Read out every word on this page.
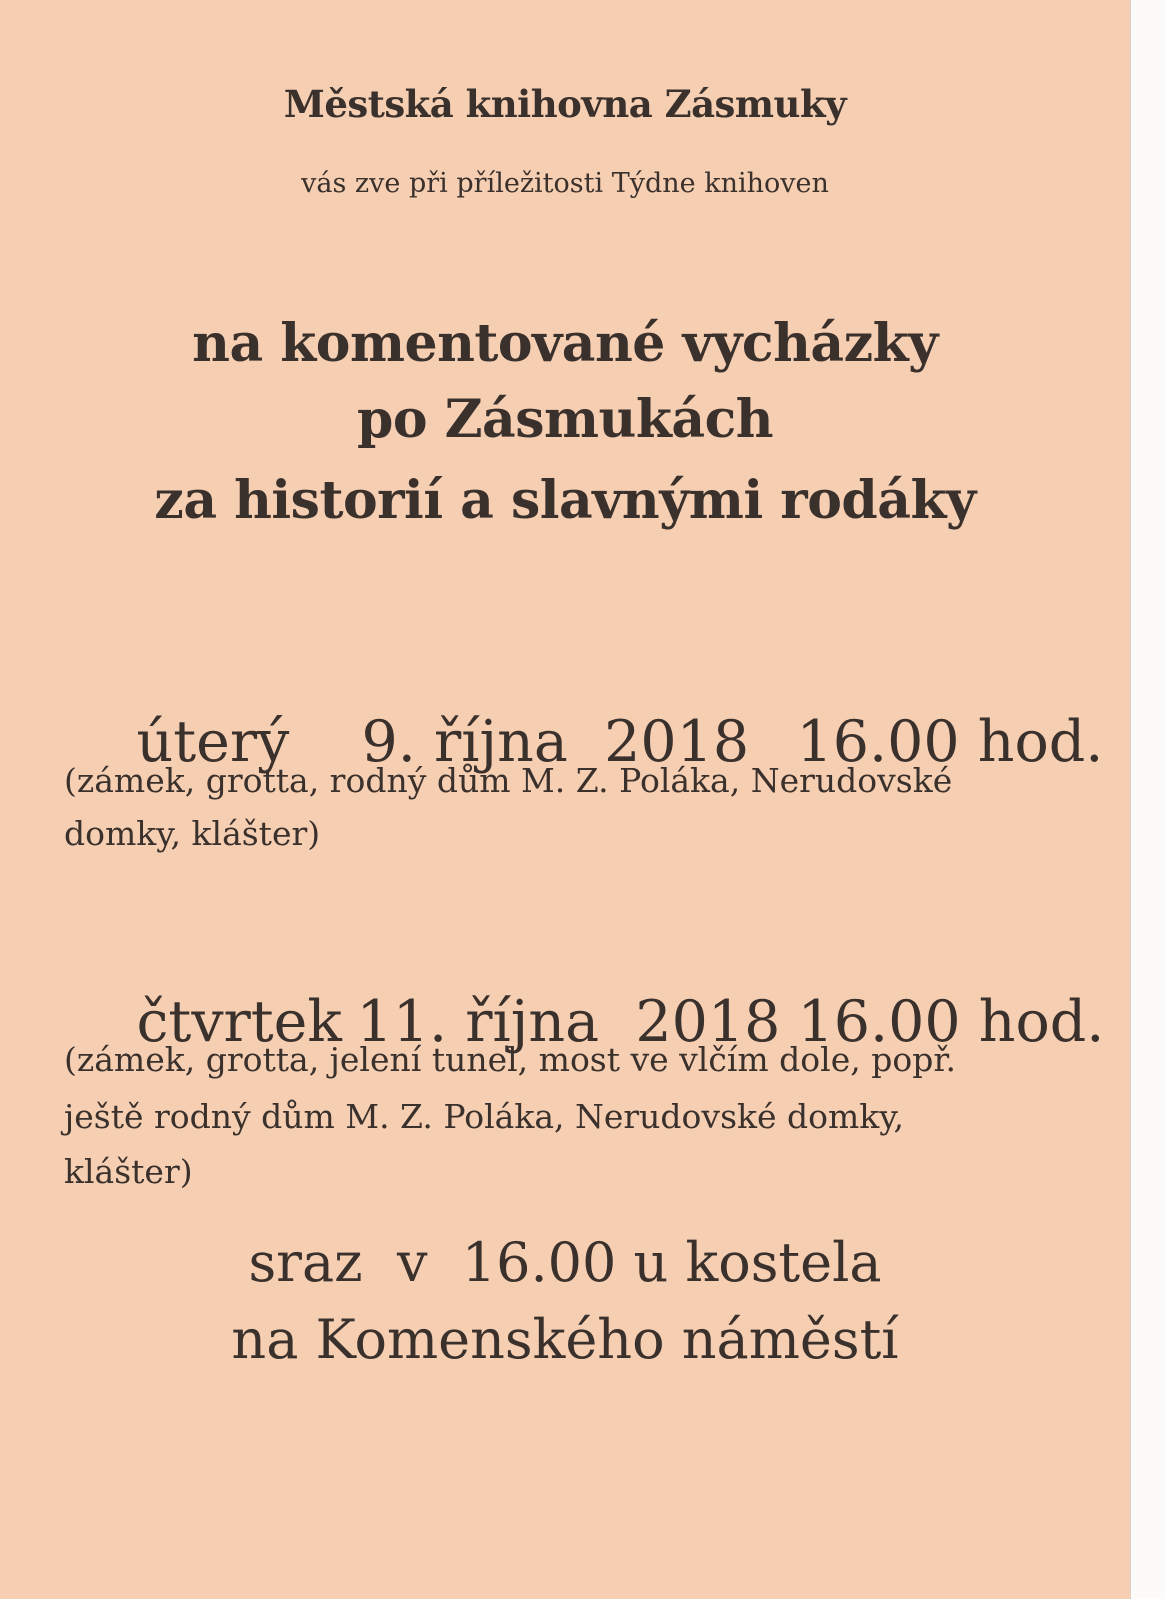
Městská knihovna Zásmuky
vás zve při příležitosti Týdne knihoven
na komentované vycházky
po Zásmukách
za historií a slavnými rodáky

úterý 9. října  2018 16.00 hod.

(zámek, grotta, rodný dům M. Z. Poláka, Nerudovské
domky, klášter)

čtvrtek 11. října  2018 16.00 hod.

(zámek, grotta, jelení tunel, most ve vlčím dole, popř.
ještě rodný dům M. Z. Poláka, Nerudovské domky,
klášter)
sraz  v  16.00 u kostela
na Komenského náměstí
